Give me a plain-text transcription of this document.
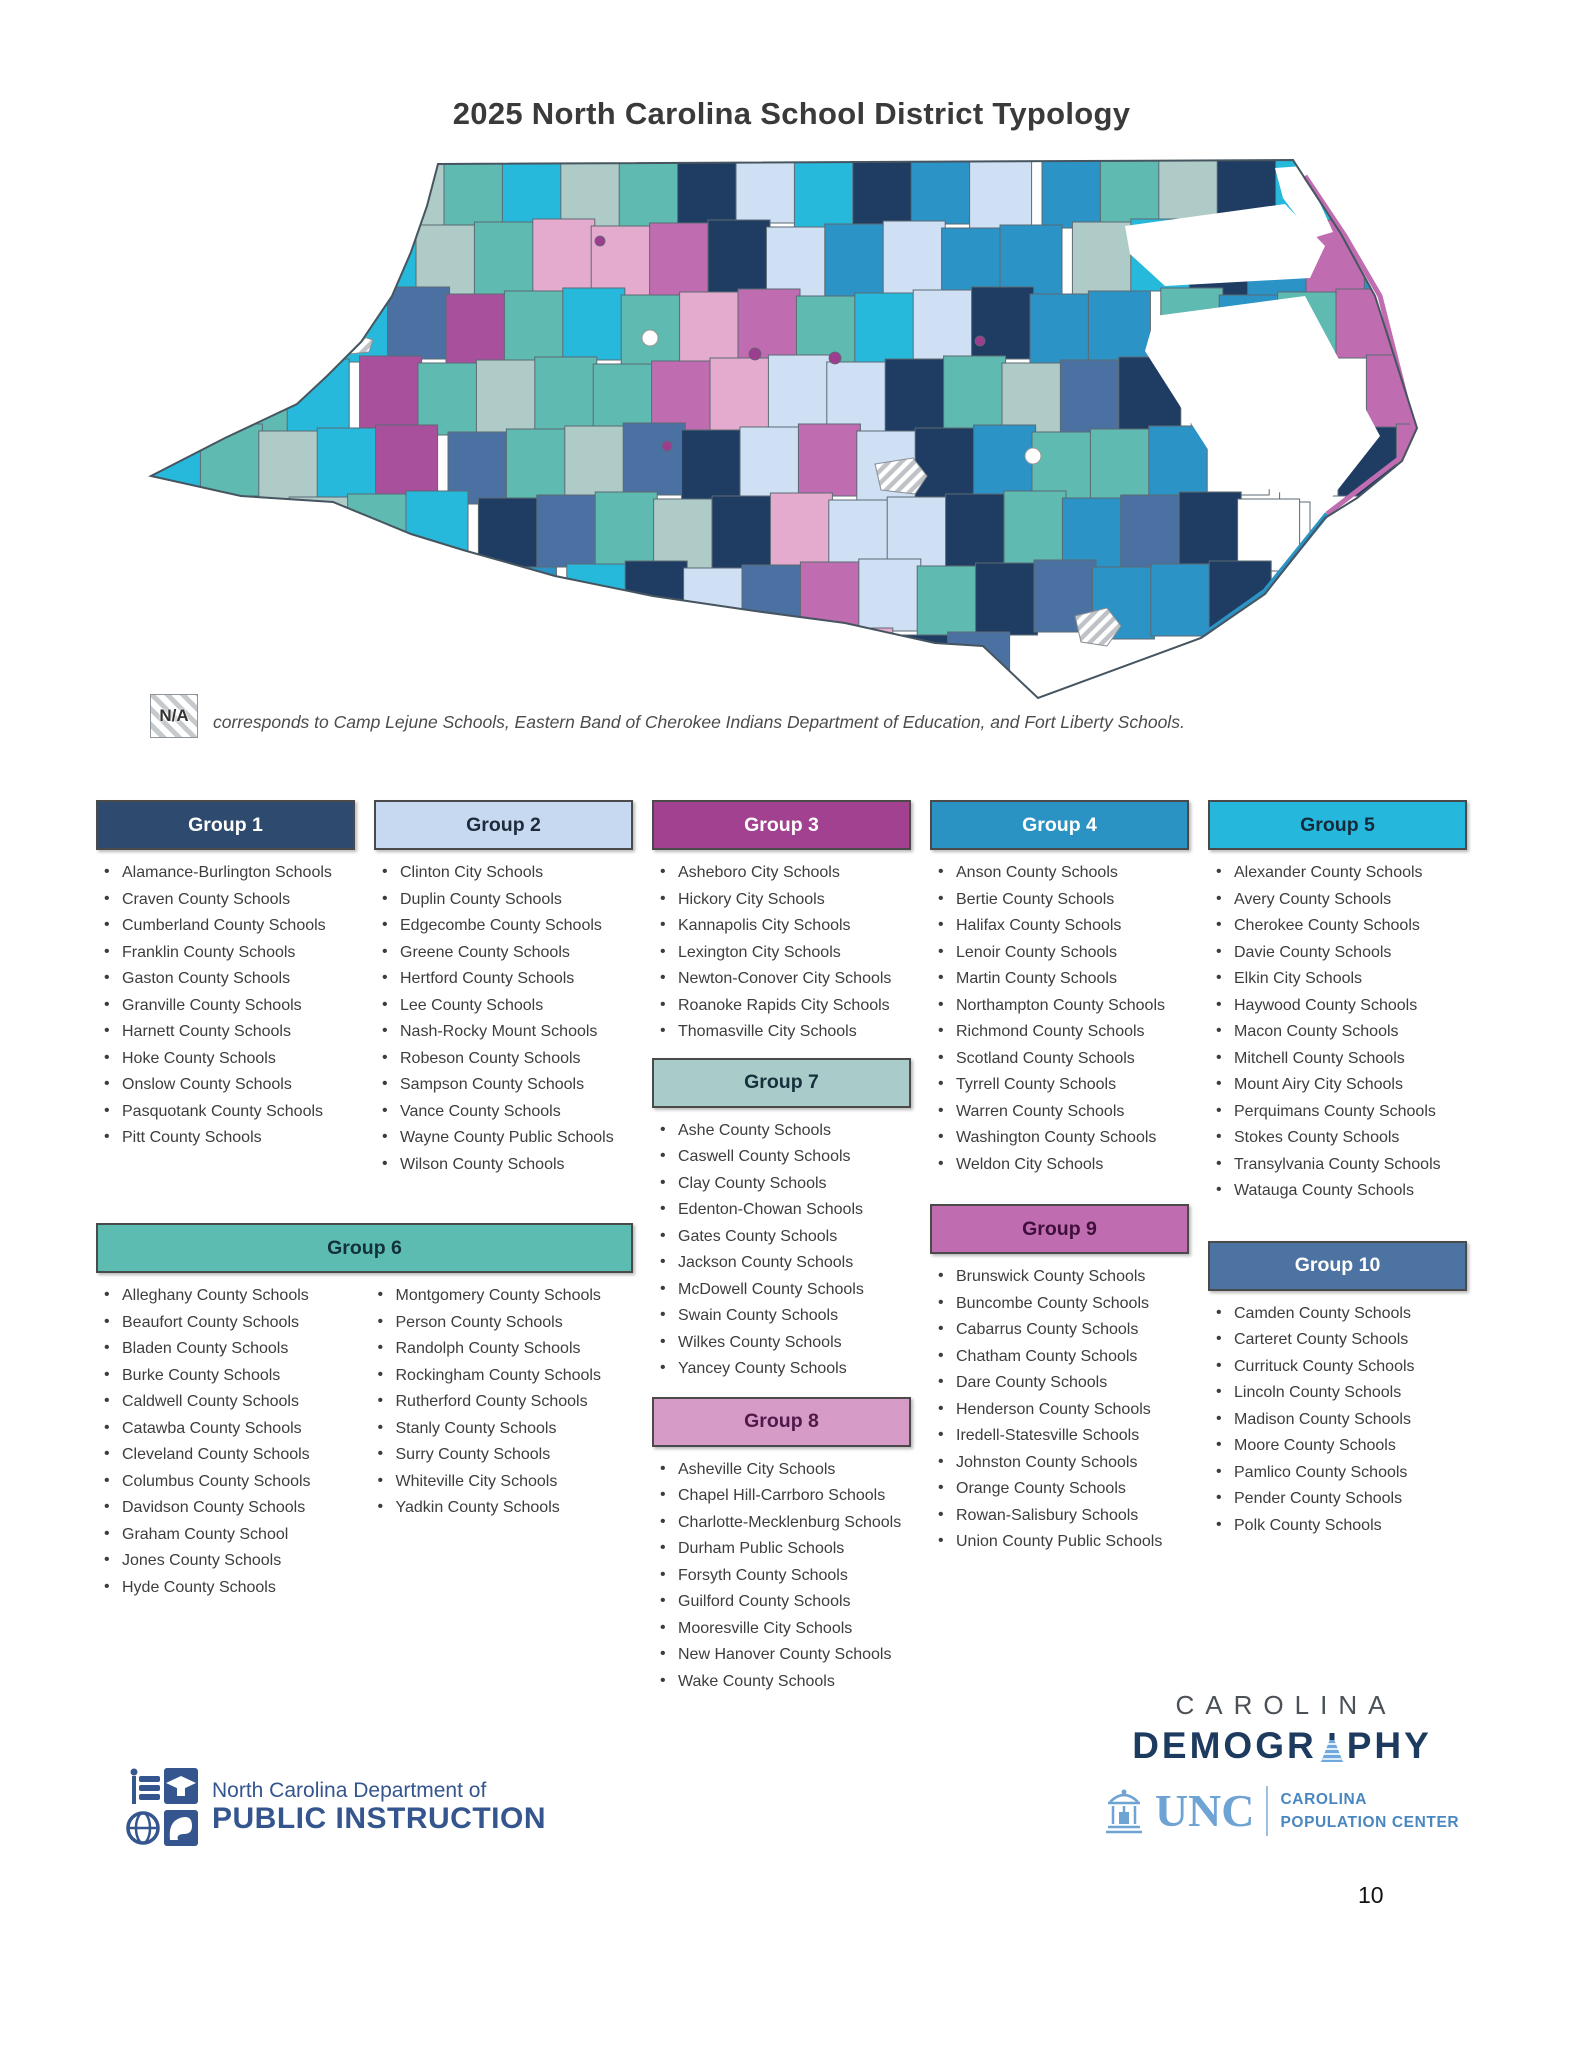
2025 North Carolina School District Typology
N/A	corresponds to Camp Lejune Schools, Eastern Band of Cherokee Indians Department of Education, and Fort Liberty Schools.
Group 1
• Alamance-Burlington Schools
• Craven County Schools
• Cumberland County Schools
• Franklin County Schools
• Gaston County Schools
• Granville County Schools
• Harnett County Schools
• Hoke County Schools
• Onslow County Schools
• Pasquotank County Schools
• Pitt County Schools
Group 2
• Clinton City Schools
• Duplin County Schools
• Edgecombe County Schools
• Greene County Schools
• Hertford County Schools
• Lee County Schools
• Nash-Rocky Mount Schools
• Robeson County Schools
• Sampson County Schools
• Vance County Schools
• Wayne County Public Schools
• Wilson County Schools
Group 6
• Alleghany County Schools
• Beaufort County Schools
• Bladen County Schools
• Burke County Schools
• Caldwell County Schools
• Catawba County Schools
• Cleveland County Schools
• Columbus County Schools
• Davidson County Schools
• Graham County School
• Jones County Schools
• Hyde County Schools
• Montgomery County Schools
• Person County Schools
• Randolph County Schools
• Rockingham County Schools
• Rutherford County Schools
• Stanly County Schools
• Surry County Schools
• Whiteville City Schools
• Yadkin County Schools
Group 3
• Asheboro City Schools
• Hickory City Schools
• Kannapolis City Schools
• Lexington City Schools
• Newton-Conover City Schools
• Roanoke Rapids City Schools
• Thomasville City Schools
Group 7
• Ashe County Schools
• Caswell County Schools
• Clay County Schools
• Edenton-Chowan Schools
• Gates County Schools
• Jackson County Schools
• McDowell County Schools
• Swain County Schools
• Wilkes County Schools
• Yancey County Schools
Group 8
• Asheville City Schools
• Chapel Hill-Carrboro Schools
• Charlotte-Mecklenburg Schools
• Durham Public Schools
• Forsyth County Schools
• Guilford County Schools
• Mooresville City Schools
• New Hanover County Schools
• Wake County Schools
Group 4
• Anson County Schools
• Bertie County Schools
• Halifax County Schools
• Lenoir County Schools
• Martin County Schools
• Northampton County Schools
• Richmond County Schools
• Scotland County Schools
• Tyrrell County Schools
• Warren County Schools
• Washington County Schools
• Weldon City Schools
Group 9
• Brunswick County Schools
• Buncombe County Schools
• Cabarrus County Schools
• Chatham County Schools
• Dare County Schools
• Henderson County Schools
• Iredell-Statesville Schools
• Johnston County Schools
• Orange County Schools
• Rowan-Salisbury Schools
• Union County Public Schools
Group 5
• Alexander County Schools
• Avery County Schools
• Cherokee County Schools
• Davie County Schools
• Elkin City Schools
• Haywood County Schools
• Macon County Schools
• Mitchell County Schools
• Mount Airy City Schools
• Perquimans County Schools
• Stokes County Schools
• Transylvania County Schools
• Watauga County Schools
Group 10
• Camden County Schools
• Carteret County Schools
• Currituck County Schools
• Lincoln County Schools
• Madison County Schools
• Moore County Schools
• Pamlico County Schools
• Pender County Schools
• Polk County Schools
North Carolina Department of
PUBLIC INSTRUCTION
CAROLINA
DEMOGR PHY
UNC CAROLINA
POPULATION CENTER
10
